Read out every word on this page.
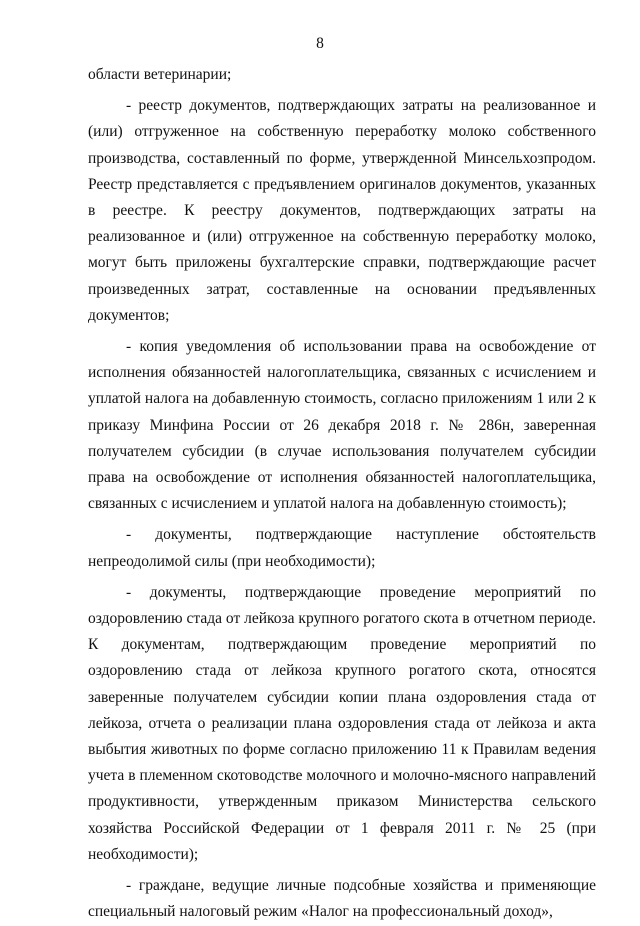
8

области ветеринарии;

- реестр документов, подтверждающих затраты на реализованное и (или) отгруженное на собственную переработку молоко собственного производства, составленный по форме, утвержденной Минсельхозпродом. Реестр представляется с предъявлением оригиналов документов, указанных в реестре. К реестру документов, подтверждающих затраты на реализованное и (или) отгруженное на собственную переработку молоко, могут быть приложены бухгалтерские справки, подтверждающие расчет произведенных затрат, составленные на основании предъявленных документов;

- копия уведомления об использовании права на освобождение от исполнения обязанностей налогоплательщика, связанных с исчислением и уплатой налога на добавленную стоимость, согласно приложениям 1 или 2 к приказу Минфина России от 26 декабря 2018 г. № 286н, заверенная получателем субсидии (в случае использования получателем субсидии права на освобождение от исполнения обязанностей налогоплательщика, связанных с исчислением и уплатой налога на добавленную стоимость);

- документы, подтверждающие наступление обстоятельств непреодолимой силы (при необходимости);

- документы, подтверждающие проведение мероприятий по оздоровлению стада от лейкоза крупного рогатого скота в отчетном периоде. К документам, подтверждающим проведение мероприятий по оздоровлению стада от лейкоза крупного рогатого скота, относятся заверенные получателем субсидии копии плана оздоровления стада от лейкоза, отчета о реализации плана оздоровления стада от лейкоза и акта выбытия животных по форме согласно приложению 11 к Правилам ведения учета в племенном скотоводстве молочного и молочно-мясного направлений продуктивности, утвержденным приказом Министерства сельского хозяйства Российской Федерации от 1 февраля 2011 г. № 25 (при необходимости);

- граждане, ведущие личные подсобные хозяйства и применяющие специальный налоговый режим «Налог на профессиональный доход»,
